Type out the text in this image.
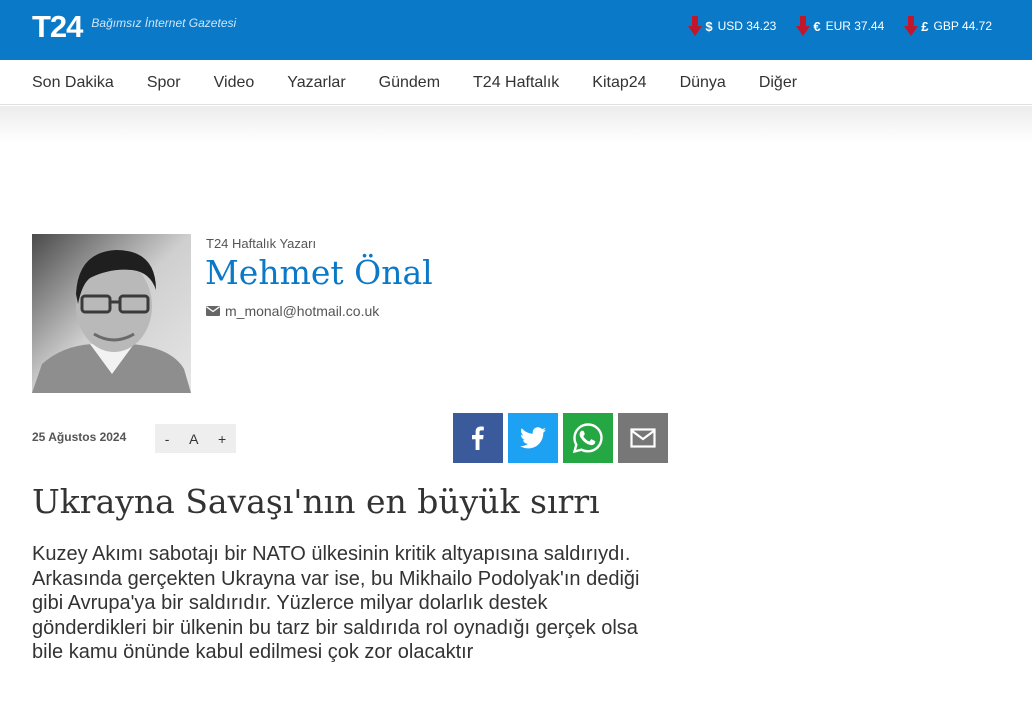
T24 Bağımsız İnternet Gazetesi	$ USD 34.23	€ EUR 37.44	£ GBP 44.72
Son Dakika Spor Video Yazarlar Gündem T24 Haftalık Kitap24 Dünya Diğer
T24 Haftalık Yazarı
Mehmet Önal
m_monal@hotmail.co.uk
25 Ağustos 2024	- A +
Ukrayna Savaşı'nın en büyük sırrı

Kuzey Akımı sabotajı bir NATO ülkesinin kritik altyapısına saldırıydı. Arkasında gerçekten Ukrayna var ise, bu Mikhailo Podolyak'ın dediği gibi Avrupa'ya bir saldırıdır. Yüzlerce milyar dolarlık destek gönderdikleri bir ülkenin bu tarz bir saldırıda rol oynadığı gerçek olsa bile kamu önünde kabul edilmesi çok zor olacaktır
